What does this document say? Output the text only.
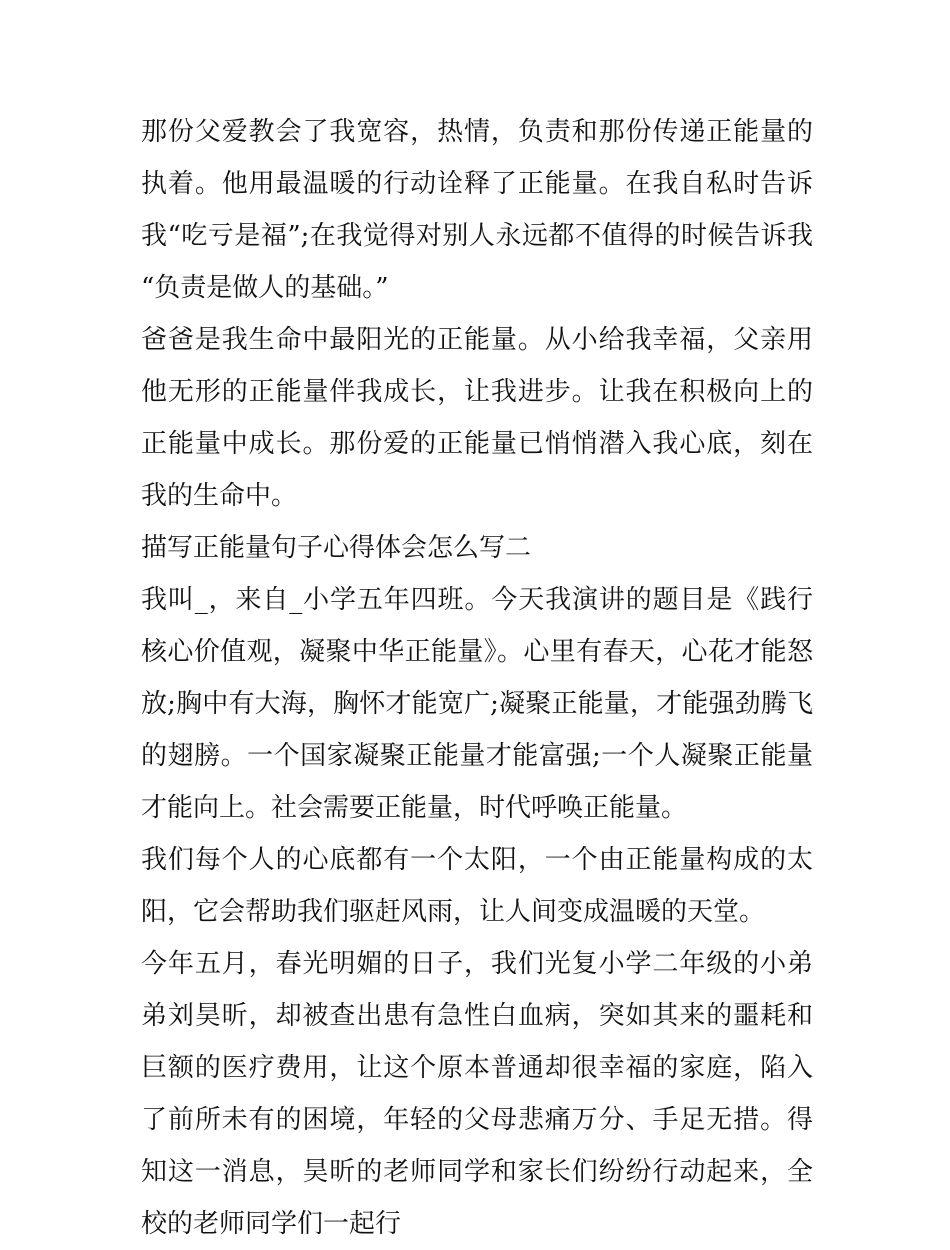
那份父爱教会了我宽容，热情，负责和那份传递正能量的执着。他用最温暖的行动诠释了正能量。在我自私时告诉我“吃亏是福”;在我觉得对别人永远都不值得的时候告诉我“负责是做人的基础。”

爸爸是我生命中最阳光的正能量。从小给我幸福，父亲用他无形的正能量伴我成长，让我进步。让我在积极向上的正能量中成长。那份爱的正能量已悄悄潜入我心底，刻在我的生命中。

描写正能量句子心得体会怎么写二

我叫_，来自_小学五年四班。今天我演讲的题目是《践行核心价值观，凝聚中华正能量》。心里有春天，心花才能怒放;胸中有大海，胸怀才能宽广;凝聚正能量，才能强劲腾飞的翅膀。一个国家凝聚正能量才能富强;一个人凝聚正能量才能向上。社会需要正能量，时代呼唤正能量。

我们每个人的心底都有一个太阳，一个由正能量构成的太阳，它会帮助我们驱赶风雨，让人间变成温暖的天堂。

今年五月，春光明媚的日子，我们光复小学二年级的小弟弟刘昊昕，却被查出患有急性白血病，突如其来的噩耗和巨额的医疗费用，让这个原本普通却很幸福的家庭，陷入了前所未有的困境，年轻的父母悲痛万分、手足无措。得知这一消息，昊昕的老师同学和家长们纷纷行动起来，全校的老师同学们一起行
